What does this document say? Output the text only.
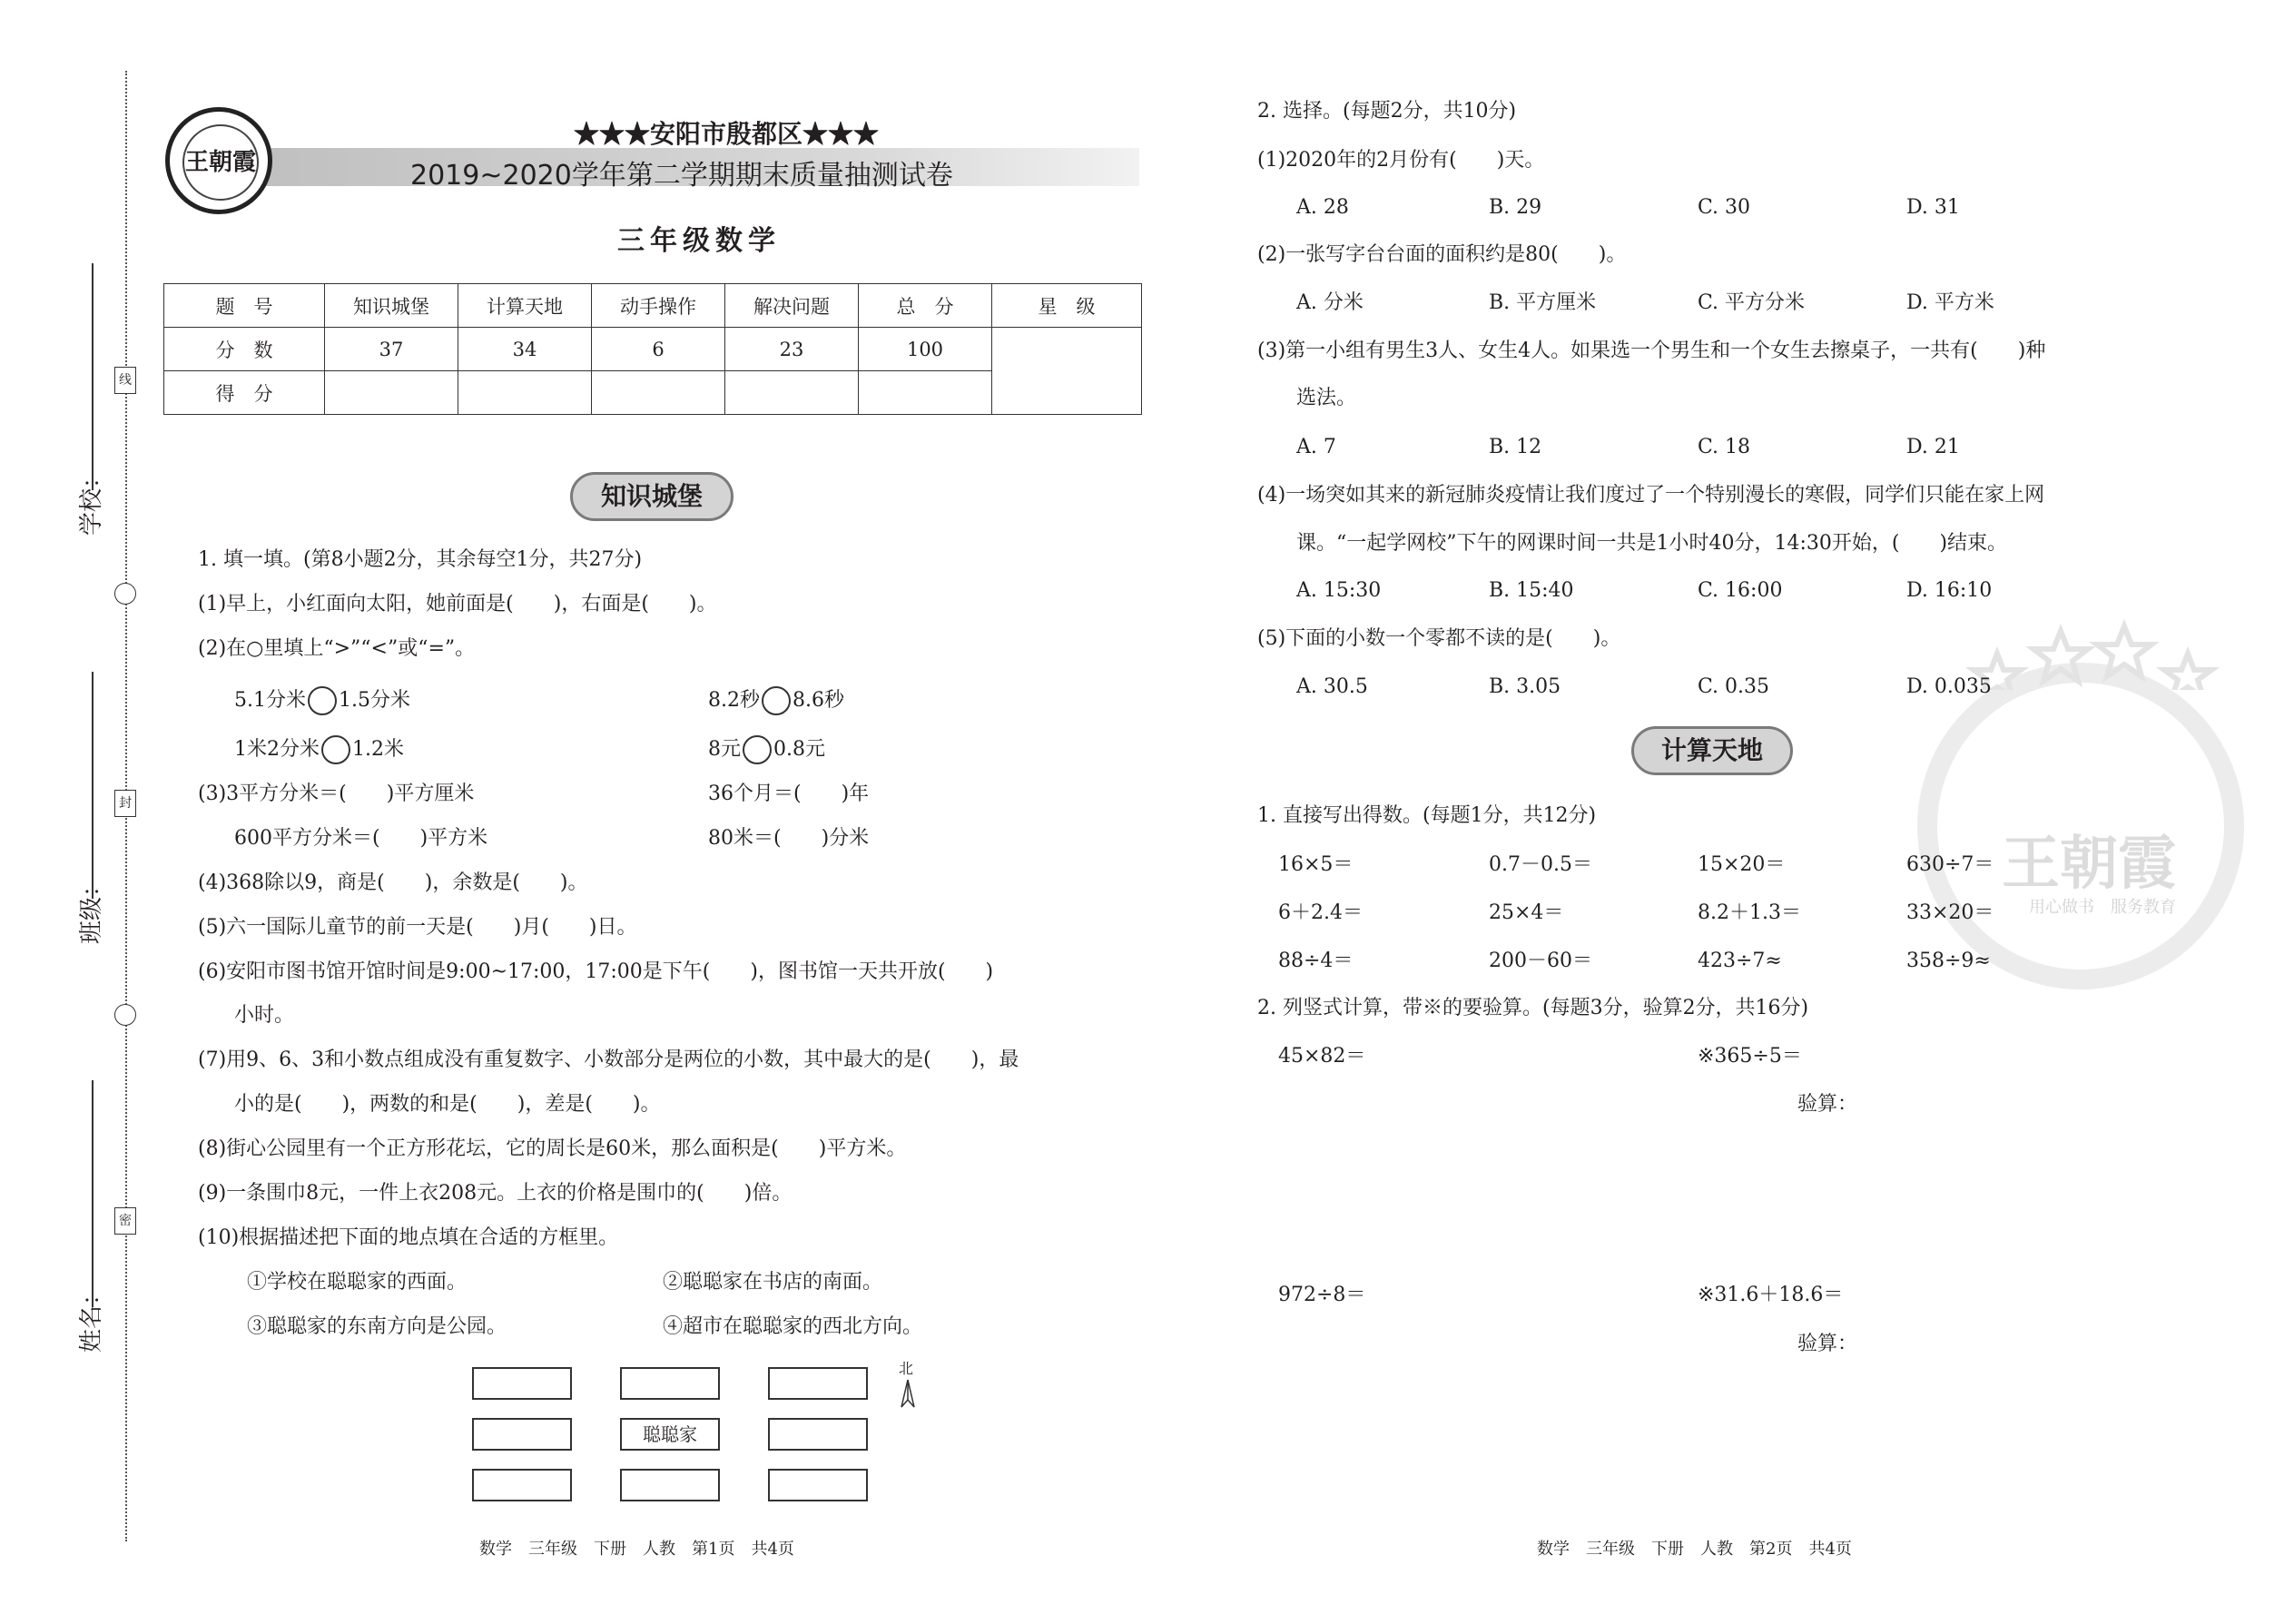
学校：
班级：
姓名：
线
封
密
王朝霞
★★★安阳市殷都区★★★
2019~2020学年第二学期期末质量抽测试卷
三年级数学
题　号	知识城堡	计算天地	动手操作	解决问题	总　分	星　级
分　数	37	34	6	23	100	
得　分						
知识城堡
1. 填一填。(第8小题2分，其余每空1分，共27分)
(1)早上，小红面向太阳，她前面是(　　)，右面是(　　)。
(2)在○里填上“>”“<”或“=”。
5.1分米 1.5分米	8.2秒 8.6秒
1米2分米 1.2米	8元 0.8元
(3)3平方分米＝(　　)平方厘米	36个月＝(　　)年
600平方分米＝(　　)平方米	80米＝(　　)分米
(4)368除以9，商是(　　)，余数是(　　)。
(5)六一国际儿童节的前一天是(　　)月(　　)日。
(6)安阳市图书馆开馆时间是9:00~17:00，17:00是下午(　　)，图书馆一天共开放(　　)
小时。
(7)用9、6、3和小数点组成没有重复数字、小数部分是两位的小数，其中最大的是(　　)，最
小的是(　　)，两数的和是(　　)，差是(　　)。
(8)街心公园里有一个正方形花坛，它的周长是60米，那么面积是(　　)平方米。
(9)一条围巾8元，一件上衣208元。上衣的价格是围巾的(　　)倍。
(10)根据描述把下面的地点填在合适的方框里。
①学校在聪聪家的西面。	②聪聪家在书店的南面。
③聪聪家的东南方向是公园。	④超市在聪聪家的西北方向。
聪聪家
北
数学　三年级　下册　人教　第1页　共4页
王朝霞
用心做书　服务教育
2. 选择。(每题2分，共10分)
(1)2020年的2月份有(　　)天。
A. 28	B. 29	C. 30	D. 31
(2)一张写字台台面的面积约是80(　　)。
A. 分米	B. 平方厘米	C. 平方分米	D. 平方米
(3)第一小组有男生3人、女生4人。如果选一个男生和一个女生去擦桌子，一共有(　　)种
选法。
A. 7	B. 12	C. 18	D. 21
(4)一场突如其来的新冠肺炎疫情让我们度过了一个特别漫长的寒假，同学们只能在家上网
课。“一起学网校”下午的网课时间一共是1小时40分，14:30开始，(　　)结束。
A. 15:30	B. 15:40	C. 16:00	D. 16:10
(5)下面的小数一个零都不读的是(　　)。
A. 30.5	B. 3.05	C. 0.35	D. 0.035
计算天地
1. 直接写出得数。(每题1分，共12分)
16×5＝	0.7－0.5＝	15×20＝	630÷7＝
6＋2.4＝	25×4＝	8.2＋1.3＝	33×20＝
88÷4＝	200－60＝	423÷7≈	358÷9≈
2. 列竖式计算，带※的要验算。(每题3分，验算2分，共16分)
45×82＝	※365÷5＝
验算：
972÷8＝	※31.6＋18.6＝
验算：
数学　三年级　下册　人教　第2页　共4页
